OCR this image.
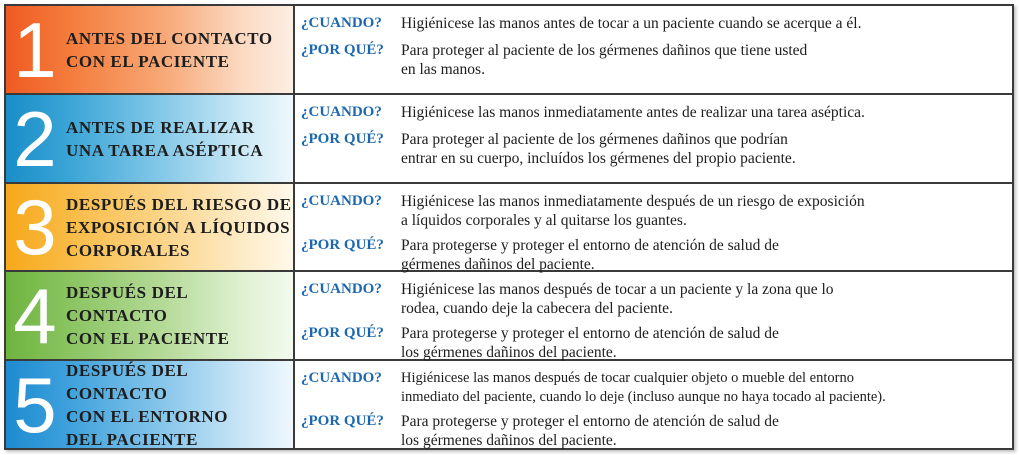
1 ANTES DEL CONTACTO
CON EL PACIENTE
¿CUANDO?	Higiénicese las manos antes de tocar a un paciente cuando se acerque a él.
¿POR QUÉ?	Para proteger al paciente de los gérmenes dañinos que tiene usted
en las manos.
2 ANTES DE REALIZAR
UNA TAREA ASÉPTICA
¿CUANDO?	Higiénicese las manos inmediatamente antes de realizar una tarea aséptica.
¿POR QUÉ?	Para proteger al paciente de los gérmenes dañinos que podrían
entrar en su cuerpo, incluídos los gérmenes del propio paciente.
3 DESPUÉS DEL RIESGO DE
EXPOSICIÓN A LÍQUIDOS
CORPORALES
¿CUANDO?	Higiénicese las manos inmediatamente después de un riesgo de exposición
a líquidos corporales y al quitarse los guantes.
¿POR QUÉ?	Para protegerse y proteger el entorno de atención de salud de
gérmenes dañinos del paciente.
4 DESPUÉS DEL CONTACTO
CON EL PACIENTE
¿CUANDO?	Higiénicese las manos después de tocar a un paciente y la zona que lo
rodea, cuando deje la cabecera del paciente.
¿POR QUÉ?	Para protegerse y proteger el entorno de atención de salud de
los gérmenes dañinos del paciente.
5 DESPUÉS DEL CONTACTO
CON EL ENTORNO
DEL PACIENTE
¿CUANDO?	Higiénicese las manos después de tocar cualquier objeto o mueble del entorno
inmediato del paciente, cuando lo deje (incluso aunque no haya tocado al paciente).
¿POR QUÉ?	Para protegerse y proteger el entorno de atención de salud de
los gérmenes dañinos del paciente.
